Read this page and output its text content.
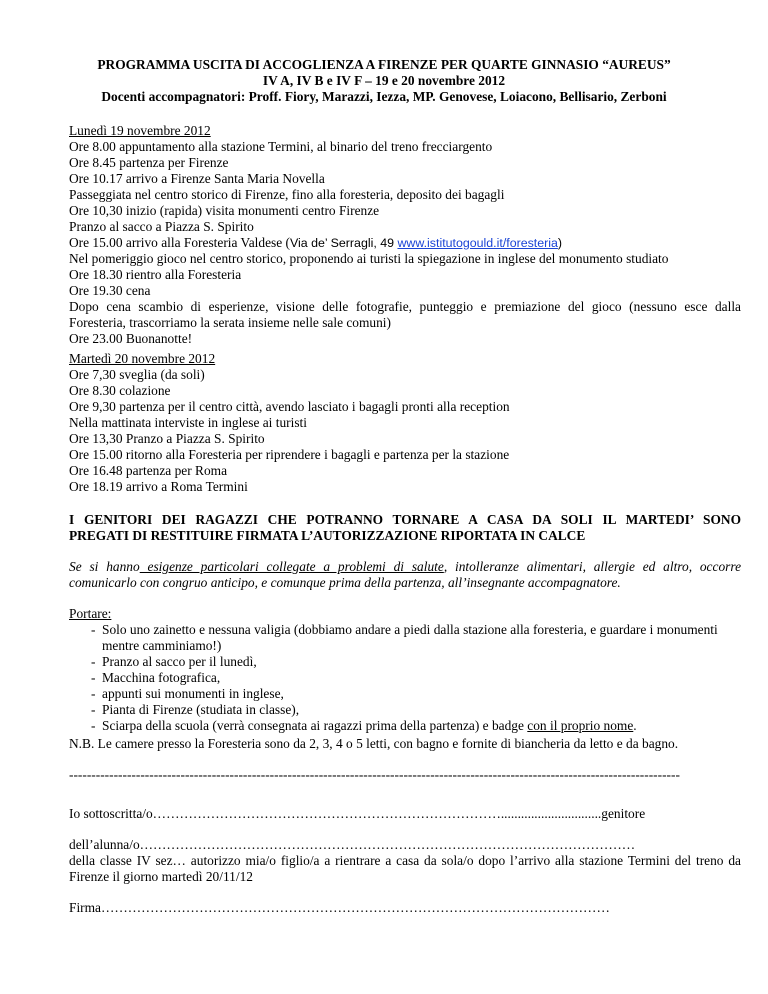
PROGRAMMA USCITA DI ACCOGLIENZA A FIRENZE PER QUARTE GINNASIO “AUREUS”
IV A, IV B e IV F – 19 e 20 novembre 2012
Docenti accompagnatori: Proff. Fiory, Marazzi, Iezza, MP. Genovese, Loiacono, Bellisario, Zerboni
Lunedì 19 novembre 2012
Ore 8.00 appuntamento alla stazione Termini, al binario del treno frecciargento
Ore 8.45 partenza per Firenze
Ore 10.17 arrivo a Firenze Santa Maria Novella
Passeggiata nel centro storico di Firenze, fino alla foresteria, deposito dei bagagli
Ore 10,30 inizio (rapida) visita monumenti centro Firenze
Pranzo al sacco a Piazza S. Spirito
Ore 15.00 arrivo alla Foresteria Valdese (Via de’ Serragli, 49 www.istitutogould.it/foresteria)
Nel pomeriggio gioco nel centro storico, proponendo ai turisti la spiegazione in inglese del monumento studiato
Ore 18.30 rientro alla Foresteria
Ore 19.30 cena
Dopo cena scambio di esperienze, visione delle fotografie, punteggio e premiazione del gioco (nessuno esce dalla
Foresteria, trascorriamo la serata insieme nelle sale comuni)
Ore 23.00 Buonanotte!
Martedì 20 novembre 2012
Ore 7,30 sveglia (da soli)
Ore 8.30 colazione
Ore 9,30 partenza per il centro città, avendo lasciato i bagagli pronti alla reception
Nella mattinata interviste in inglese ai turisti
Ore 13,30 Pranzo a Piazza S. Spirito
Ore 15.00 ritorno alla Foresteria per riprendere i bagagli e partenza per la stazione
Ore 16.48 partenza per Roma
Ore 18.19 arrivo a Roma Termini
I GENITORI DEI RAGAZZI CHE POTRANNO TORNARE A CASA DA SOLI IL MARTEDI’ SONO
PREGATI DI RESTITUIRE FIRMATA L’AUTORIZZAZIONE RIPORTATA IN CALCE
Se si hanno esigenze particolari collegate a problemi di salute, intolleranze alimentari, allergie ed altro, occorre
comunicarlo con congruo anticipo, e comunque prima della partenza, all’insegnante accompagnatore.
Portare:
- Solo uno zainetto e nessuna valigia (dobbiamo andare a piedi dalla stazione alla foresteria, e guardare i monumenti
mentre camminiamo!)
- Pranzo al sacco per il lunedì,
- Macchina fotografica,
- appunti sui monumenti in inglese,
- Pianta di Firenze (studiata in classe),
- Sciarpa della scuola (verrà consegnata ai ragazzi prima della partenza) e badge con il proprio nome.
N.B. Le camere presso la Foresteria sono da 2, 3, 4 o 5 letti, con bagno e fornite di biancheria da letto e da bagno.
-----------------------------------------------------------------------------------------------------------------------------------------
Io sottoscritta/o……………………………………………………………………..............................genitore
dell’alunna/o…………………………………………………………………………………………………
della classe IV sez… autorizzo mia/o figlio/a a rientrare a casa da sola/o dopo l’arrivo alla stazione Termini del treno da
Firenze il giorno martedì 20/11/12
Firma……………………………………………………………………………………………………
